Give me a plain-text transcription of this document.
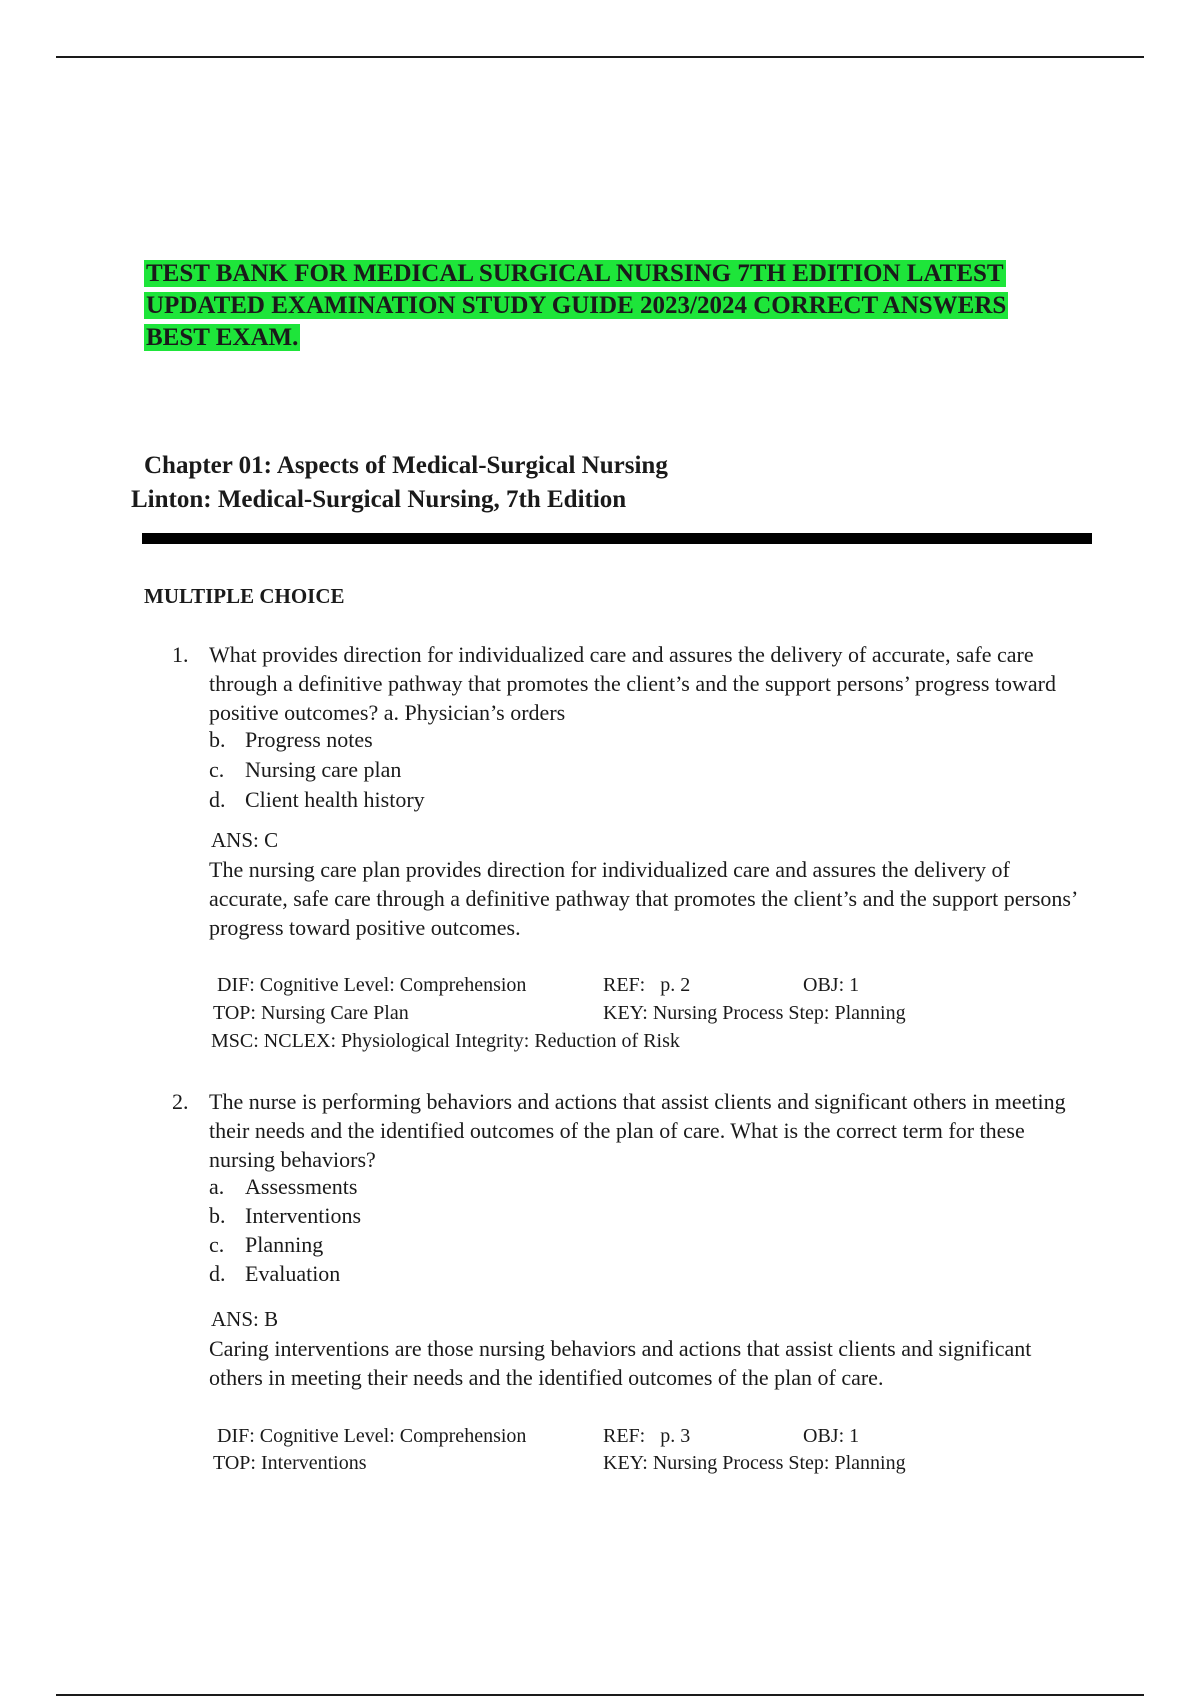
TEST BANK FOR MEDICAL SURGICAL NURSING 7TH EDITION LATEST UPDATED EXAMINATION STUDY GUIDE 2023/2024 CORRECT ANSWERS BEST EXAM.
Chapter 01: Aspects of Medical-Surgical Nursing
Linton: Medical-Surgical Nursing, 7th Edition
MULTIPLE CHOICE
1. What provides direction for individualized care and assures the delivery of accurate, safe care through a definitive pathway that promotes the client’s and the support persons’ progress toward positive outcomes? a. Physician’s orders
b. Progress notes
c. Nursing care plan
d. Client health history
ANS: C
The nursing care plan provides direction for individualized care and assures the delivery of accurate, safe care through a definitive pathway that promotes the client’s and the support persons’ progress toward positive outcomes.
DIF: Cognitive Level: Comprehension	REF:   p. 2	OBJ: 1
TOP: Nursing Care Plan	KEY: Nursing Process Step: Planning
MSC: NCLEX: Physiological Integrity: Reduction of Risk
2. The nurse is performing behaviors and actions that assist clients and significant others in meeting their needs and the identified outcomes of the plan of care. What is the correct term for these nursing behaviors?
a. Assessments
b. Interventions
c. Planning
d. Evaluation
ANS: B
Caring interventions are those nursing behaviors and actions that assist clients and significant others in meeting their needs and the identified outcomes of the plan of care.
DIF: Cognitive Level: Comprehension	REF:   p. 3	OBJ: 1
TOP: Interventions	KEY: Nursing Process Step: Planning
